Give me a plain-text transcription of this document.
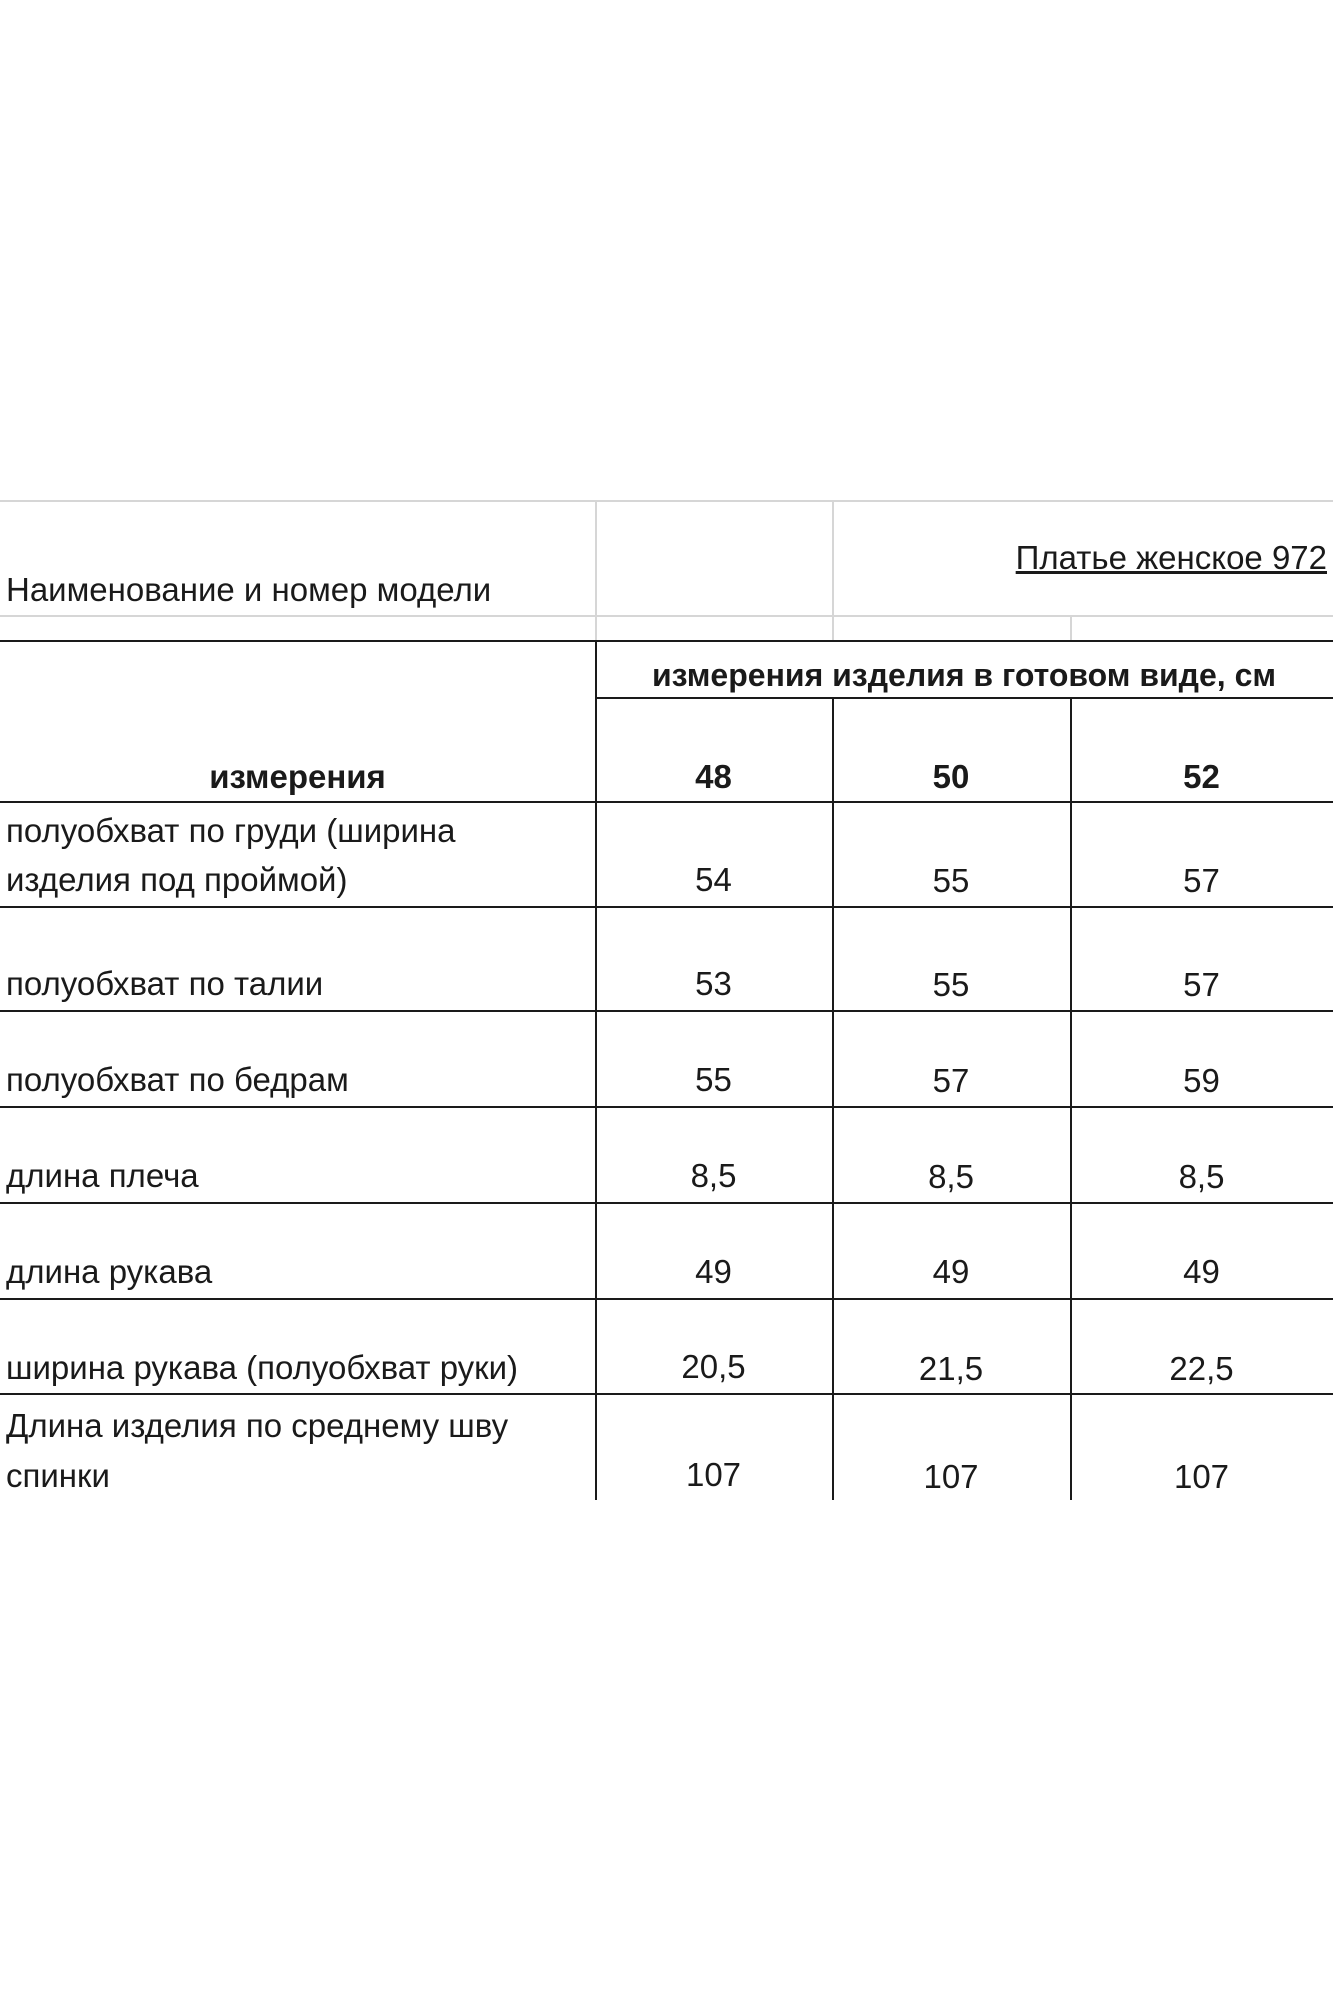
Наименование и номер модели
Платье женское 972
измерения изделия в готовом виде, см
измерения	48	50	52
полуобхват по груди (ширина
изделия под проймой)	54	55	57
полуобхват по талии	53	55	57
полуобхват по бедрам	55	57	59
длина плеча	8,5	8,5	8,5
длина рукава	49	49	49
ширина рукава (полуобхват руки)	20,5	21,5	22,5
Длина изделия по среднему шву
спинки	107	107	107
